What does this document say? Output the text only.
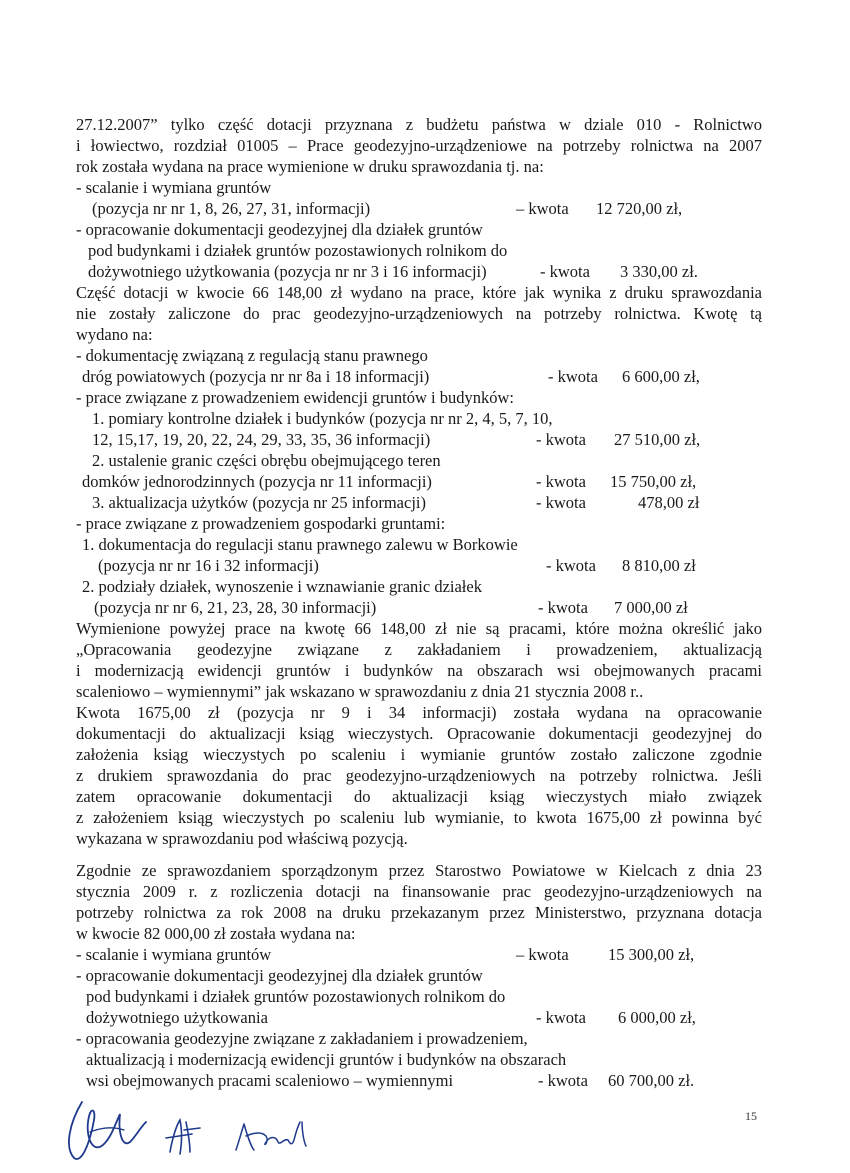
27.12.2007” tylko część dotacji przyznana z budżetu państwa w dziale 010 - Rolnictwo
i łowiectwo, rozdział 01005 – Prace geodezyjno-urządzeniowe na potrzeby rolnictwa na 2007
rok została wydana na prace wymienione w druku sprawozdania tj. na:
- scalanie i wymiana gruntów
(pozycja nr nr 1, 8, 26, 27, 31, informacji)	– kwota 12 720,00 zł,
- opracowanie dokumentacji geodezyjnej dla działek gruntów
pod budynkami i działek gruntów pozostawionych rolnikom do
dożywotniego użytkowania (pozycja nr nr 3 i 16 informacji)	- kwota 3 330,00 zł.
Część dotacji w kwocie 66 148,00 zł wydano na prace, które jak wynika z druku sprawozdania
nie zostały zaliczone do prac geodezyjno-urządzeniowych na potrzeby rolnictwa. Kwotę tą
wydano na:
- dokumentację związaną z regulacją stanu prawnego
dróg powiatowych (pozycja nr nr 8a i 18 informacji)	- kwota 6 600,00 zł,
- prace związane z prowadzeniem ewidencji gruntów i budynków:
1. pomiary kontrolne działek i budynków (pozycja nr nr 2, 4, 5, 7, 10,
12, 15,17, 19, 20, 22, 24, 29, 33, 35, 36 informacji)	- kwota 27 510,00 zł,
2. ustalenie granic części obrębu obejmującego teren
domków jednorodzinnych (pozycja nr 11 informacji)	- kwota 15 750,00 zł,
3. aktualizacja użytków (pozycja nr 25 informacji)	- kwota	478,00 zł
- prace związane z prowadzeniem gospodarki gruntami:
1. dokumentacja do regulacji stanu prawnego zalewu w Borkowie
(pozycja nr nr 16 i 32 informacji)	- kwota 8 810,00 zł
2. podziały działek, wynoszenie i wznawianie granic działek
(pozycja nr nr 6, 21, 23, 28, 30 informacji)	- kwota 7 000,00 zł
Wymienione powyżej prace na kwotę 66 148,00 zł nie są pracami, które można określić jako
„Opracowania geodezyjne związane z zakładaniem i prowadzeniem, aktualizacją
i modernizacją ewidencji gruntów i budynków na obszarach wsi obejmowanych pracami
scaleniowo – wymiennymi” jak wskazano w sprawozdaniu z dnia 21 stycznia 2008 r..
Kwota 1675,00 zł (pozycja nr 9 i 34 informacji) została wydana na opracowanie
dokumentacji do aktualizacji ksiąg wieczystych. Opracowanie dokumentacji geodezyjnej do
założenia ksiąg wieczystych po scaleniu i wymianie gruntów zostało zaliczone zgodnie
z drukiem sprawozdania do prac geodezyjno-urządzeniowych na potrzeby rolnictwa. Jeśli
zatem opracowanie dokumentacji do aktualizacji ksiąg wieczystych miało związek
z założeniem ksiąg wieczystych po scaleniu lub wymianie, to kwota 1675,00 zł powinna być
wykazana w sprawozdaniu pod właściwą pozycją.
Zgodnie ze sprawozdaniem sporządzonym przez Starostwo Powiatowe w Kielcach z dnia 23
stycznia 2009 r. z rozliczenia dotacji na finansowanie prac geodezyjno-urządzeniowych na
potrzeby rolnictwa za rok 2008 na druku przekazanym przez Ministerstwo, przyznana dotacja
w kwocie 82 000,00 zł została wydana na:
- scalanie i wymiana gruntów	– kwota 15 300,00 zł,
- opracowanie dokumentacji geodezyjnej dla działek gruntów
pod budynkami i działek gruntów pozostawionych rolnikom do
dożywotniego użytkowania	- kwota 6 000,00 zł,
- opracowania geodezyjne związane z zakładaniem i prowadzeniem,
aktualizacją i modernizacją ewidencji gruntów i budynków na obszarach
wsi obejmowanych pracami scaleniowo – wymiennymi	- kwota 60 700,00 zł.
15
